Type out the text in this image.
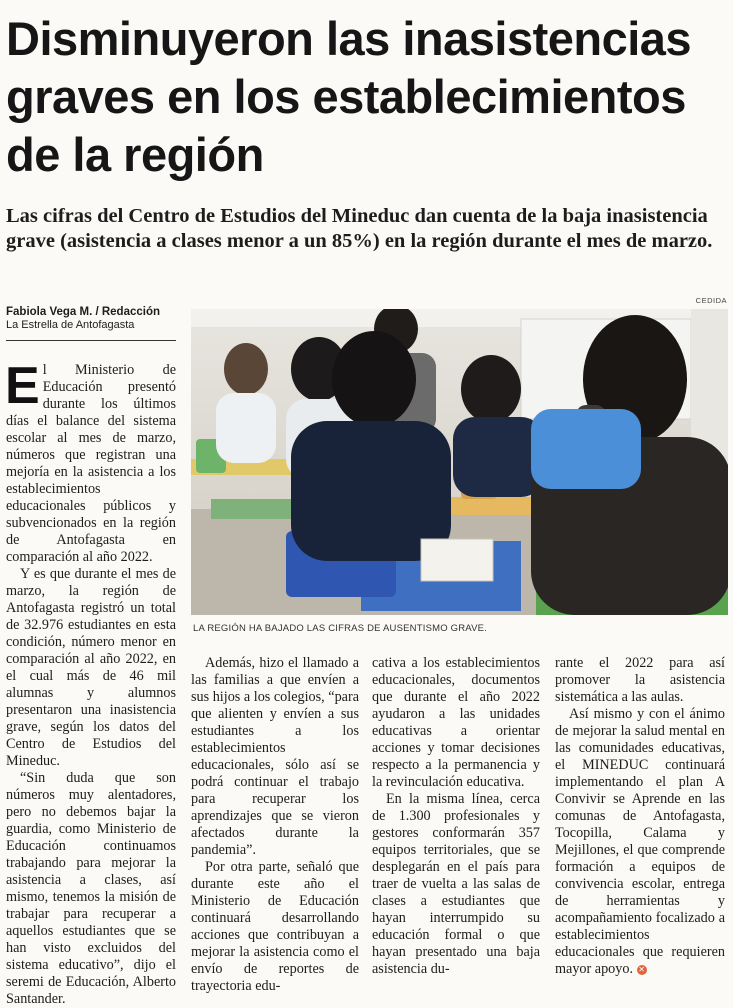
Disminuyeron las inasistencias graves en los establecimientos de la región

Las cifras del Centro de Estudios del Mineduc dan cuenta de la baja inasistencia grave (asistencia a clases menor a un 85%) en la región durante el mes de marzo.

Fabiola Vega M. / Redacción
La Estrella de Antofagasta
CEDIDA
LA REGIÓN HA BAJADO LAS CIFRAS DE AUSENTISMO GRAVE.

El Ministerio de Educación presentó durante los últimos días el balance del sistema escolar al mes de marzo, números que registran una mejoría en la asistencia a los establecimientos educacionales públicos y subvencionados en la región de Antofagasta en comparación al año 2022.

Y es que durante el mes de marzo, la región de Antofagasta registró un total de 32.976 estudiantes en esta condición, número menor en comparación al año 2022, en el cual más de 46 mil alumnas y alumnos presentaron una inasistencia grave, según los datos del Centro de Estudios del Mineduc.

“Sin duda que son números muy alentadores, pero no debemos bajar la guardia, como Ministerio de Educación continuamos trabajando para mejorar la asistencia a clases, así mismo, tenemos la misión de trabajar para recuperar a aquellos estudiantes que se han visto excluidos del sistema educativo”, dijo el seremi de Educación, Alberto Santander.

Además, hizo el llamado a las familias a que envíen a sus hijos a los colegios, “para que alienten y envíen a sus estudiantes a los establecimientos educacionales, sólo así se podrá continuar el trabajo para recuperar los aprendizajes que se vieron afectados durante la pandemia”.

Por otra parte, señaló que durante este año el Ministerio de Educación continuará desarrollando acciones que contribuyan a mejorar la asistencia como el envío de reportes de trayectoria edu-

cativa a los establecimientos educacionales, documentos que durante el año 2022 ayudaron a las unidades educativas a orientar acciones y tomar decisiones respecto a la permanencia y la revinculación educativa.

En la misma línea, cerca de 1.300 profesionales y gestores conformarán 357 equipos territoriales, que se desplegarán en el país para traer de vuelta a las salas de clases a estudiantes que hayan interrumpido su educación formal o que hayan presentado una baja asistencia du-

rante el 2022 para así promover la asistencia sistemática a las aulas.

Así mismo y con el ánimo de mejorar la salud mental en las comunidades educativas, el MINEDUC continuará implementando el plan A Convivir se Aprende en las comunas de Antofagasta, Tocopilla, Calama y Mejillones, el que comprende formación a equipos de convivencia escolar, entrega de herramientas y acompañamiento focalizado a establecimientos educacionales que requieren mayor apoyo. ✕
